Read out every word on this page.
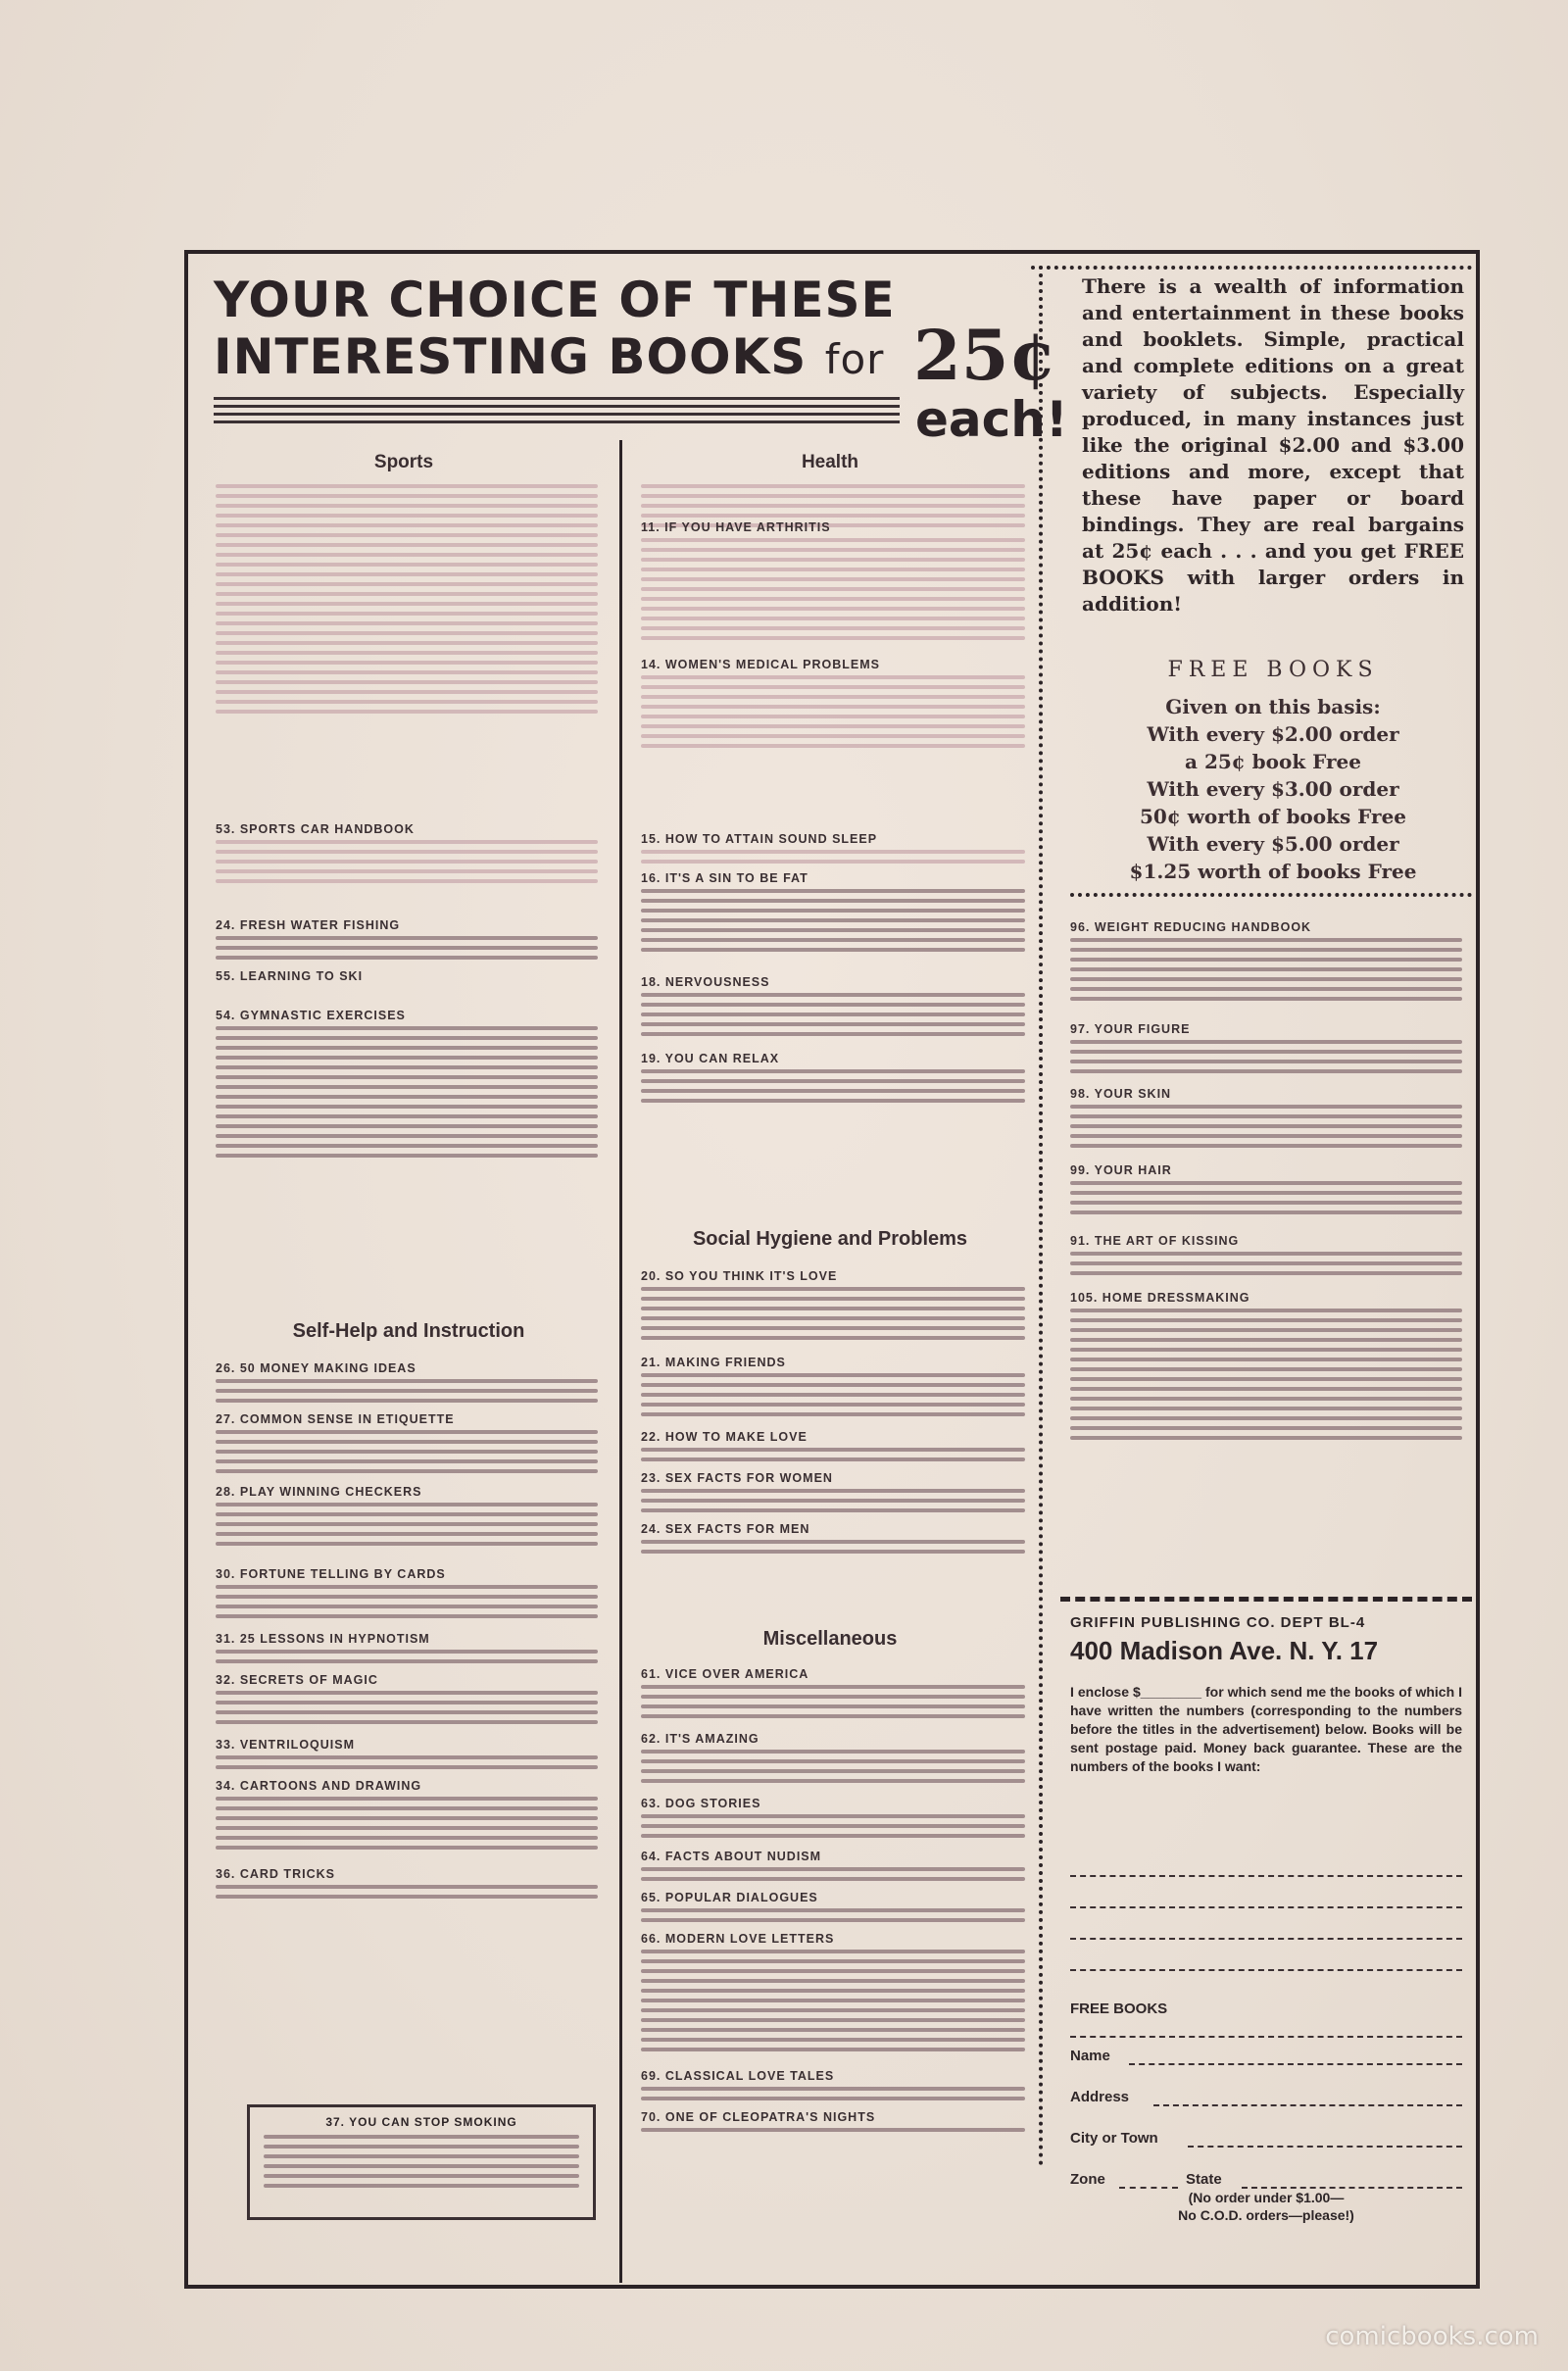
YOUR CHOICE OF THESE
INTERESTING BOOKS for 25¢
each!
There is a wealth of information and entertainment in these books and booklets. Simple, practical and complete editions on a great variety of subjects. Especially produced, in many instances just like the original $2.00 and $3.00 editions and more, except that these have paper or board bindings. They are real bargains at 25¢ each . . . and you get FREE BOOKS with larger orders in addition!
FREE BOOKS
Given on this basis:
With every $2.00 order
a 25¢ book Free
With every $3.00 order
50¢ worth of books Free
With every $5.00 order
$1.25 worth of books Free
Sports
53. SPORTS CAR HANDBOOK
24. FRESH WATER FISHING
55. LEARNING TO SKI
54. GYMNASTIC EXERCISES
Self-Help and Instruction
26. 50 MONEY MAKING IDEAS
27. COMMON SENSE IN ETIQUETTE
28. PLAY WINNING CHECKERS
30. FORTUNE TELLING BY CARDS
31. 25 LESSONS IN HYPNOTISM
32. SECRETS OF MAGIC
33. VENTRILOQUISM
34. CARTOONS AND DRAWING
36. CARD TRICKS
37. YOU CAN STOP SMOKING
Health
11. IF YOU HAVE ARTHRITIS
14. WOMEN'S MEDICAL PROBLEMS
15. HOW TO ATTAIN SOUND SLEEP
16. IT'S A SIN TO BE FAT
18. NERVOUSNESS
19. YOU CAN RELAX
Social Hygiene and Problems
20. SO YOU THINK IT'S LOVE
21. MAKING FRIENDS
22. HOW TO MAKE LOVE
23. SEX FACTS FOR WOMEN
24. SEX FACTS FOR MEN
Miscellaneous
61. VICE OVER AMERICA
62. IT'S AMAZING
63. DOG STORIES
64. FACTS ABOUT NUDISM
65. POPULAR DIALOGUES
66. MODERN LOVE LETTERS
69. CLASSICAL LOVE TALES
70. ONE OF CLEOPATRA'S NIGHTS
96. WEIGHT REDUCING HANDBOOK
97. YOUR FIGURE
98. YOUR SKIN
99. YOUR HAIR
91. THE ART OF KISSING
105. HOME DRESSMAKING
GRIFFIN PUBLISHING CO. DEPT BL-4
400 Madison Ave. N. Y. 17
I enclose $________ for which send me the books of which I have written the numbers (corresponding to the numbers before the titles in the advertisement) below. Books will be sent postage paid. Money back guarantee. These are the numbers of the books I want:
FREE BOOKS
Name
Address
City or Town
Zone	State
(No order under $1.00—
No C.O.D. orders—please!)
comicbooks.com
